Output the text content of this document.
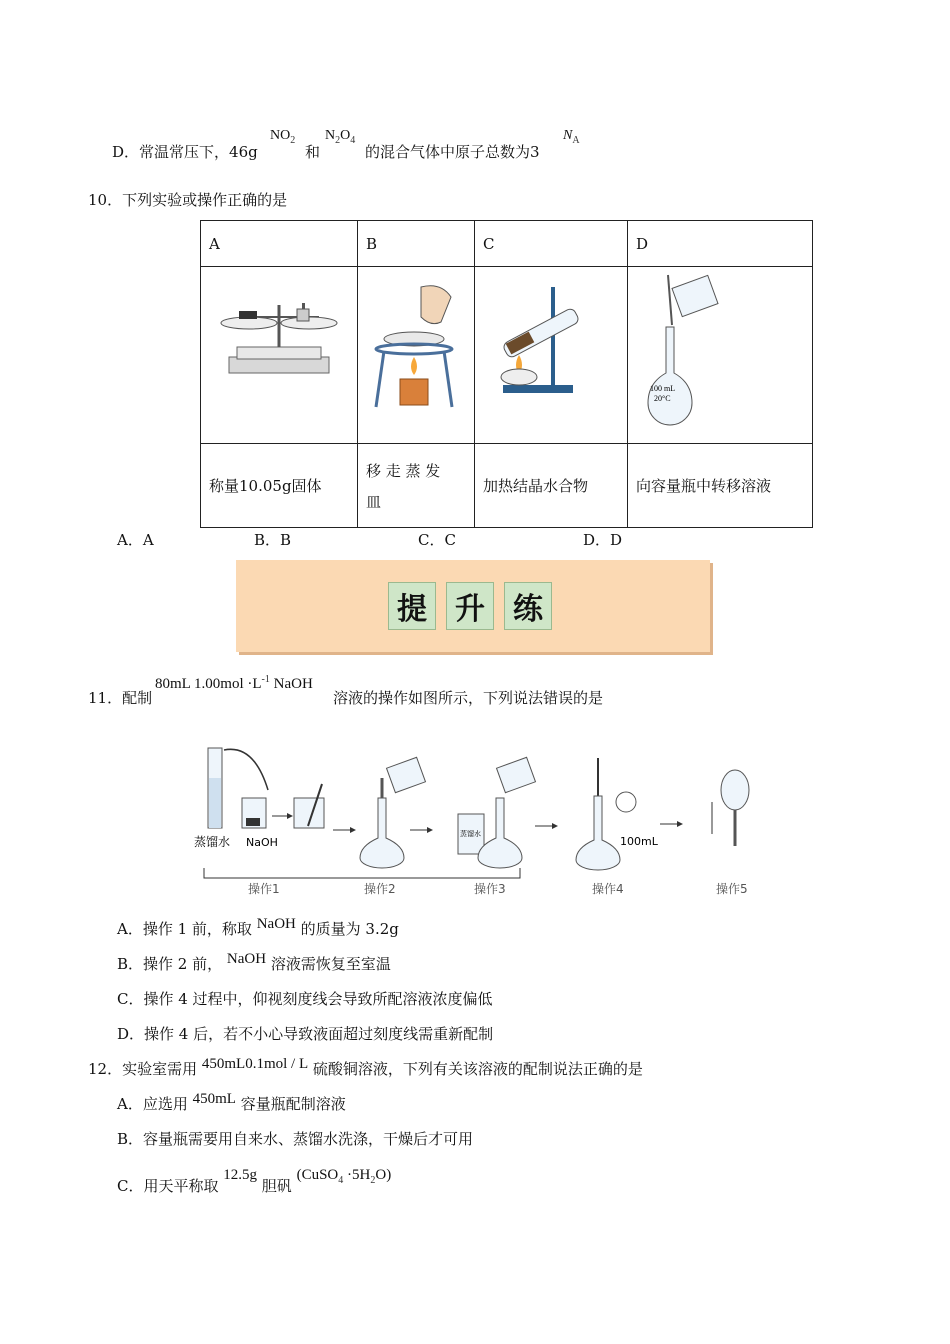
D．常温常压下，46g
$NO_2$
和
$N_2O_4$
的混合气体中原子总数为3
$N_A$
10．下列实验或操作正确的是
A	B	C	D

100 mL
20°C

称量10.05g固体	移 走 蒸 发
皿	加热结晶水合物	向容量瓶中转移溶液
A．A	B．B	C．C	D．D
提 升 练
11．配制
80mL $1.00mol \cdot L^{-1}$ NaOH
溶液的操作如图所示，下列说法错误的是
蒸馏水 NaOH
蒸馏水
100mL
操作1	操作2	操作3	操作4	操作5
A．操作 1 前，称取 NaOH 的质量为 3.2g
B．操作 2 前， NaOH 溶液需恢复至室温
C．操作 4 过程中，仰视刻度线会导致所配溶液浓度偏低
D．操作 4 后，若不小心导致液面超过刻度线需重新配制
12．实验室需用 450mL0.1mol / L 硫酸铜溶液，下列有关该溶液的配制说法正确的是
A．应选用 450mL 容量瓶配制溶液
B．容量瓶需要用自来水、蒸馏水洗涤，干燥后才可用
C．用天平称取 12.5g 胆矾 (CuSO$_4$ $\cdot 5H_2O$)
